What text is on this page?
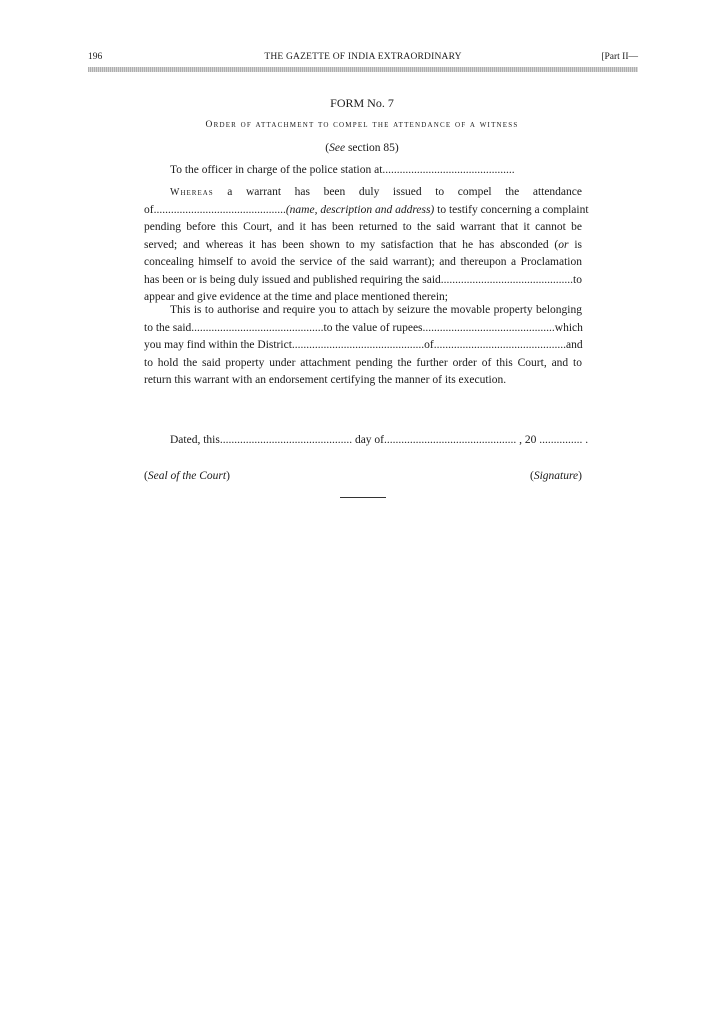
196	THE GAZETTE OF INDIA EXTRAORDINARY	[Part II—
FORM No. 7
Order of attachment to compel the attendance of a witness
(See section 85)
To the officer in charge of the police station at..............................................
Whereas a warrant has been duly issued to compel the attendance
of..............................................(name, description and address) to testify concerning a complaint
pending before this Court, and it has been returned to the said warrant that it cannot be
served; and whereas it has been shown to my satisfaction that he has absconded (or is
concealing himself to avoid the service of the said warrant); and thereupon a Proclamation
has been or is being duly issued and published requiring the said..............................................to
appear and give evidence at the time and place mentioned therein;
This is to authorise and require you to attach by seizure the movable property belonging
to the said..............................................to the value of rupees..............................................which
you may find within the District..............................................of..............................................and
to hold the said property under attachment pending the further order of this Court, and to
return this warrant with an endorsement certifying the manner of its execution.
Dated, this.............................................. day of.............................................. , 20 ............... .
(Seal of the Court)	(Signature)
